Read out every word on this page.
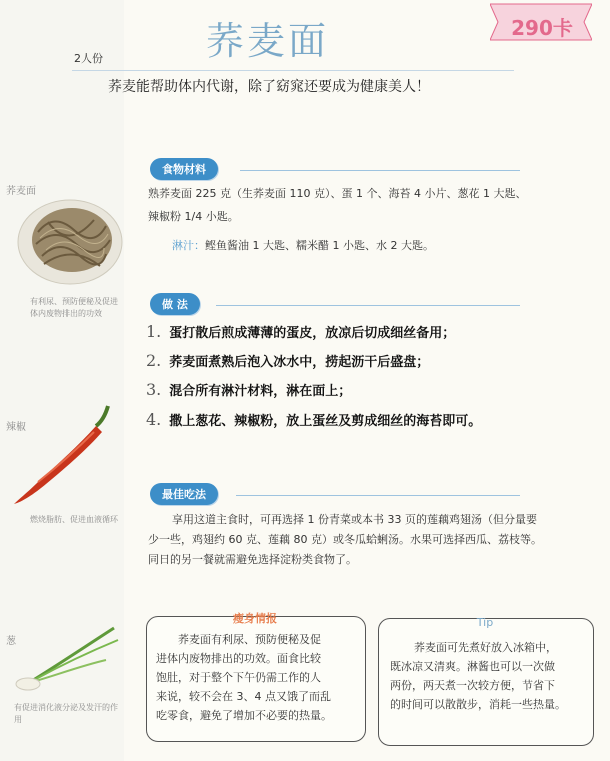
荞麦面
有利尿、预防便秘及促进体内废物排出的功效
辣椒
燃烧脂肪、促进血液循环
葱
有促进消化液分泌及发汗的作用
290卡
2人份	荞麦面
荞麦能帮助体内代谢，除了窈窕还要成为健康美人！
食物材料
熟荞麦面 225 克（生荞麦面 110 克）、蛋 1 个、海苔 4 小片、葱花 1 大匙、
辣椒粉 1/4 小匙。
淋汁：鲣鱼酱油 1 大匙、糯米醋 1 小匙、水 2 大匙。
做 法
1. 蛋打散后煎成薄薄的蛋皮，放凉后切成细丝备用；
2. 荞麦面煮熟后泡入冰水中，捞起沥干后盛盘；
3. 混合所有淋汁材料，淋在面上；
4. 撒上葱花、辣椒粉，放上蛋丝及剪成细丝的海苔即可。
最佳吃法
享用这道主食时，可再选择 1 份青菜或本书 33 页的莲藕鸡翅汤（但分量要
少一些，鸡翅约 60 克、莲藕 80 克）或冬瓜蛤蜊汤。水果可选择西瓜、荔枝等。
同日的另一餐就需避免选择淀粉类食物了。
瘦身情报
荞麦面有利尿、预防便秘及促
进体内废物排出的功效。面食比较
饱肚，对于整个下午仍需工作的人
来说，较不会在 3、4 点又饿了而乱
吃零食，避免了增加不必要的热量。
Tip
荞麦面可先煮好放入冰箱中，
既冰凉又清爽。淋酱也可以一次做
两份，两天煮一次较方便，节省下
的时间可以散散步，消耗一些热量。
